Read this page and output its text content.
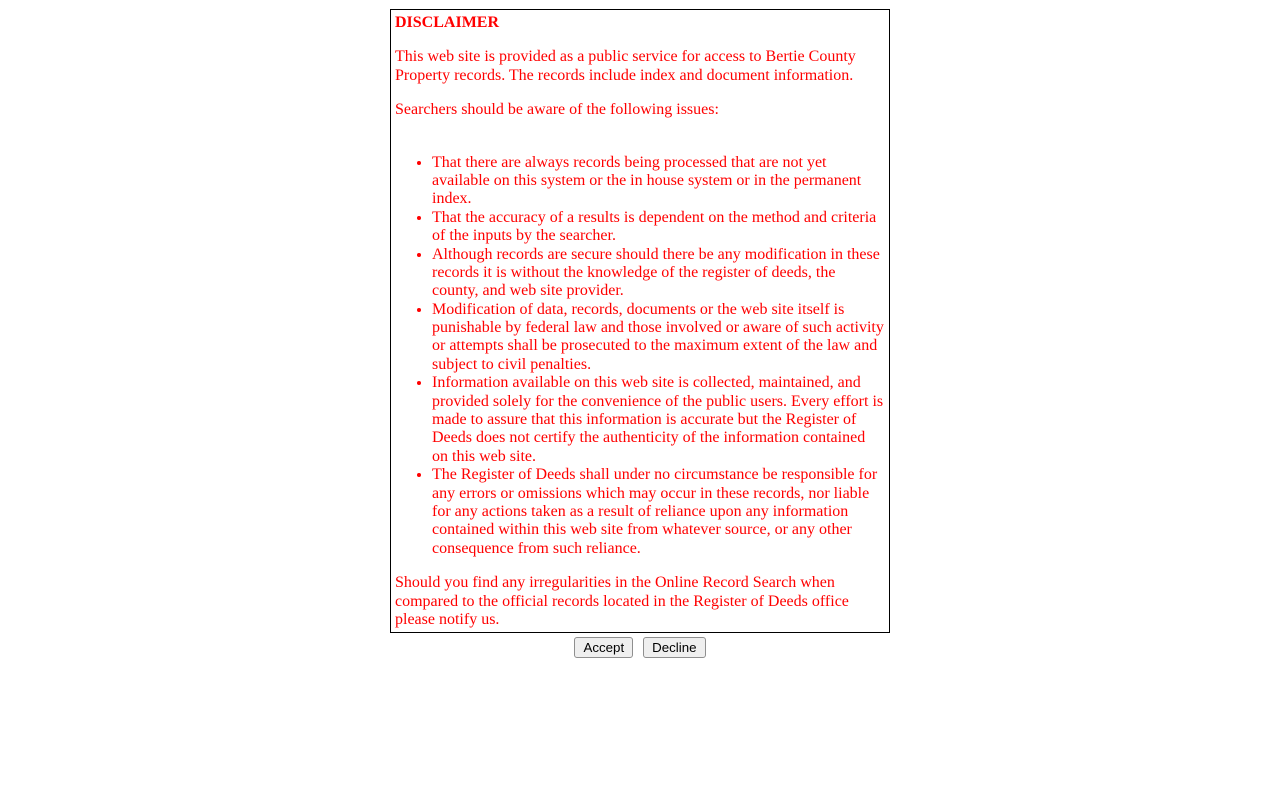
DISCLAIMER

This web site is provided as a public service for access to Bertie County Property records. The records include index and document information.

Searchers should be aware of the following issues:

• That there are always records being processed that are not yet available on this system or the in house system or in the permanent index.
• That the accuracy of a results is dependent on the method and criteria of the inputs by the searcher.
• Although records are secure should there be any modification in these records it is without the knowledge of the register of deeds, the county, and web site provider.
• Modification of data, records, documents or the web site itself is punishable by federal law and those involved or aware of such activity or attempts shall be prosecuted to the maximum extent of the law and subject to civil penalties.
• Information available on this web site is collected, maintained, and provided solely for the convenience of the public users. Every effort is made to assure that this information is accurate but the Register of Deeds does not certify the authenticity of the information contained on this web site.
• The Register of Deeds shall under no circumstance be responsible for any errors or omissions which may occur in these records, nor liable for any actions taken as a result of reliance upon any information contained within this web site from whatever source, or any other consequence from such reliance.

Should you find any irregularities in the Online Record Search when compared to the official records located in the Register of Deeds office please notify us.

Accept Decline
